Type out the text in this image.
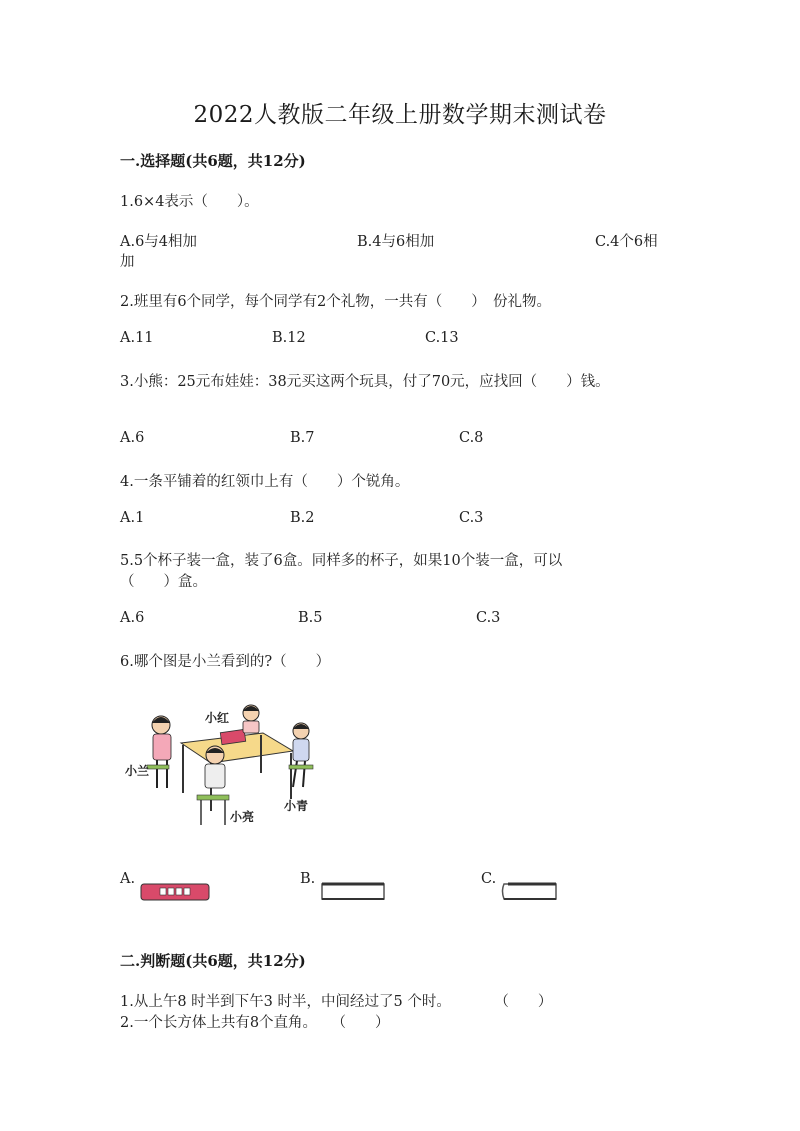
2022人教版二年级上册数学期末测试卷
一.选择题(共6题，共12分)
1.6×4表示（　　）。
A.6与4相加	B.4与6相加	C.4个6相
加
2.班里有6个同学，每个同学有2个礼物，一共有（　　）　份礼物。
A.11	B.12	C.13
3.小熊：25元布娃娃：38元买这两个玩具，付了70元，应找回（　　）钱。
A.6	B.7	C.8
4.一条平铺着的红领巾上有（　　）个锐角。
A.1	B.2	C.3
5.5个杯子装一盒，装了6盒。同样多的杯子，如果10个装一盒，可以
（　　）盒。
A.6	B.5	C.3
6.哪个图是小兰看到的?（　　）
小红
小兰
小亮
小青
A.	B.	C.
二.判断题(共6题，共12分)
1.从上午8 时半到下午3 时半，中间经过了5 个时。　　　　（　　）
2.一个长方体上共有8个直角。　　（　　）
